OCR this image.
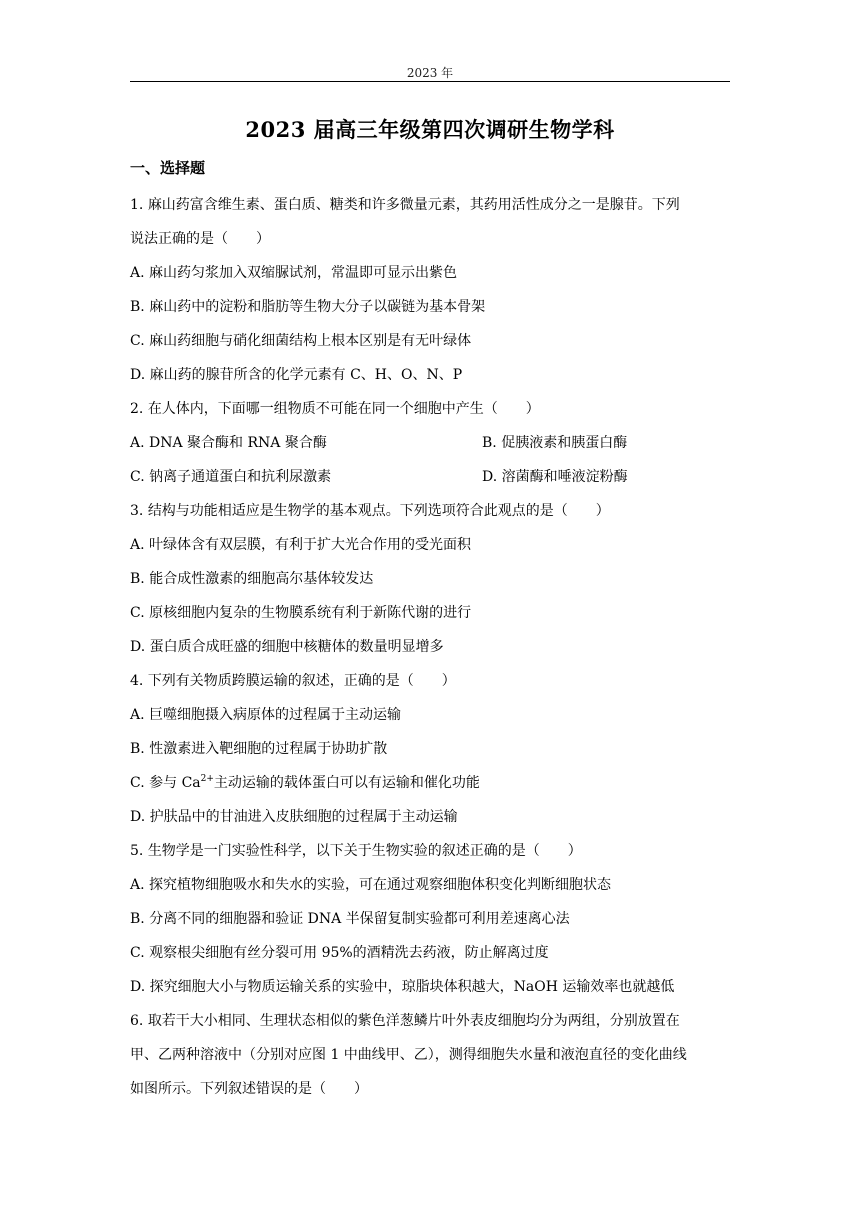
2023 年
2023 届高三年级第四次调研生物学科
一、选择题

1. 麻山药富含维生素、蛋白质、糖类和许多微量元素，其药用活性成分之一是腺苷。下列

说法正确的是（　　）

A. 麻山药匀浆加入双缩脲试剂，常温即可显示出紫色

B. 麻山药中的淀粉和脂肪等生物大分子以碳链为基本骨架

C. 麻山药细胞与硝化细菌结构上根本区别是有无叶绿体

D. 麻山药的腺苷所含的化学元素有 C、H、O、N、P

2. 在人体内，下面哪一组物质不可能在同一个细胞中产生（　　）

A. DNA 聚合酶和 RNA 聚合酶	B. 促胰液素和胰蛋白酶
C. 钠离子通道蛋白和抗利尿激素	D. 溶菌酶和唾液淀粉酶

3. 结构与功能相适应是生物学的基本观点。下列选项符合此观点的是（　　）

A. 叶绿体含有双层膜，有利于扩大光合作用的受光面积

B. 能合成性激素的细胞高尔基体较发达

C. 原核细胞内复杂的生物膜系统有利于新陈代谢的进行

D. 蛋白质合成旺盛的细胞中核糖体的数量明显增多

4. 下列有关物质跨膜运输的叙述，正确的是（　　）

A. 巨噬细胞摄入病原体的过程属于主动运输

B. 性激素进入靶细胞的过程属于协助扩散

C. 参与 $Ca^{2+}$主动运输的载体蛋白可以有运输和催化功能

D. 护肤品中的甘油进入皮肤细胞的过程属于主动运输

5. 生物学是一门实验性科学，以下关于生物实验的叙述正确的是（　　）

A. 探究植物细胞吸水和失水的实验，可在通过观察细胞体积变化判断细胞状态

B. 分离不同的细胞器和验证 DNA 半保留复制实验都可利用差速离心法

C. 观察根尖细胞有丝分裂可用 95%的酒精洗去药液，防止解离过度

D. 探究细胞大小与物质运输关系的实验中，琼脂块体积越大，NaOH 运输效率也就越低

6. 取若干大小相同、生理状态相似的紫色洋葱鳞片叶外表皮细胞均分为两组，分别放置在

甲、乙两种溶液中（分别对应图 1 中曲线甲、乙），测得细胞失水量和液泡直径的变化曲线

如图所示。下列叙述错误的是（　　）
